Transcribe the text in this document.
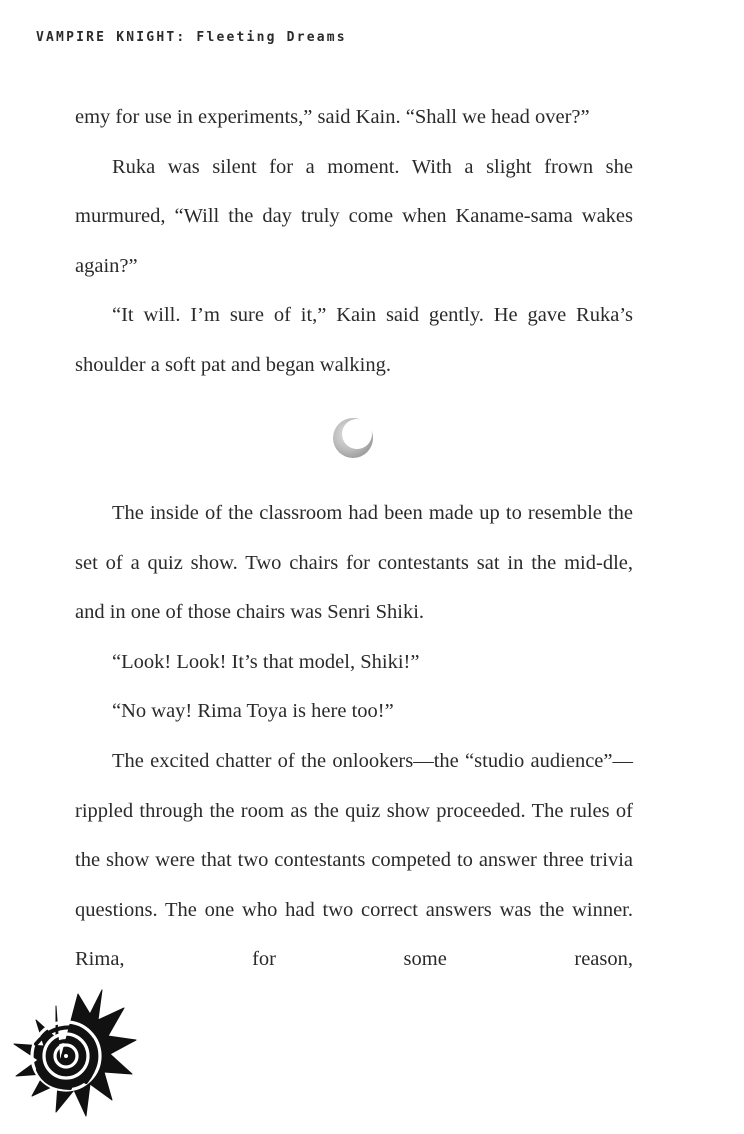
VAMPIRE KNIGHT: Fleeting Dreams

emy for use in experiments,” said Kain. “Shall we head over?”

Ruka was silent for a moment. With a slight frown she murmured, “Will the day truly come when Kaname-sama wakes again?”

“It will. I’m sure of it,” Kain said gently. He gave Ruka’s shoulder a soft pat and began walking.

The inside of the classroom had been made up to resemble the set of a quiz show. Two chairs for contestants sat in the mid-dle, and in one of those chairs was Senri Shiki.

“Look! Look! It’s that model, Shiki!”

“No way! Rima Toya is here too!”

The excited chatter of the onlookers—the “studio audience”—rippled through the room as the quiz show proceeded. The rules of the show were that two contestants competed to answer three trivia questions. The one who had two correct answers was the winner. Rima, for some reason,
